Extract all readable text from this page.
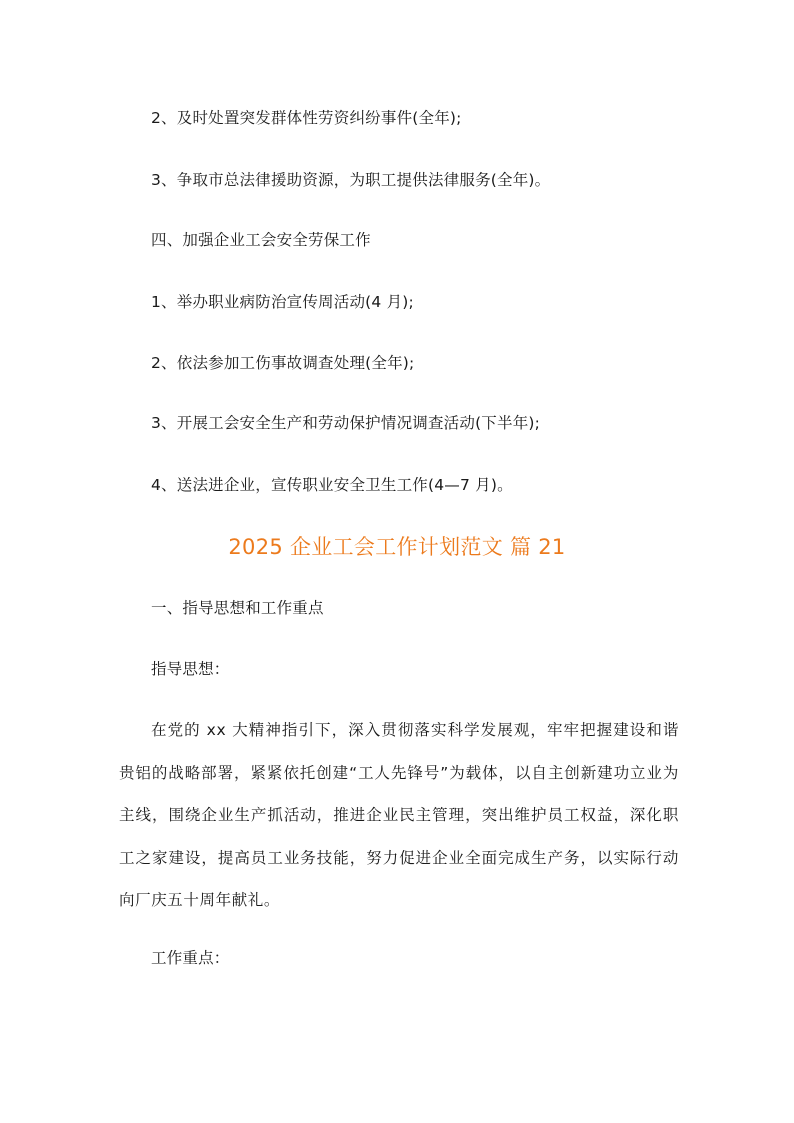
2、及时处置突发群体性劳资纠纷事件(全年);
3、争取市总法律援助资源，为职工提供法律服务(全年)。
四、加强企业工会安全劳保工作
1、举办职业病防治宣传周活动(4 月);
2、依法参加工伤事故调查处理(全年);
3、开展工会安全生产和劳动保护情况调查活动(下半年);
4、送法进企业，宣传职业安全卫生工作(4—7 月)。
2025 企业工会工作计划范文 篇 21
一、指导思想和工作重点
指导思想：
在党的 xx 大精神指引下，深入贯彻落实科学发展观，牢牢把握建设和谐贵铝的战略部署，紧紧依托创建“工人先锋号”为载体，以自主创新建功立业为主线，围绕企业生产抓活动，推进企业民主管理，突出维护员工权益，深化职工之家建设，提高员工业务技能，努力促进企业全面完成生产务，以实际行动向厂庆五十周年献礼。
工作重点：
